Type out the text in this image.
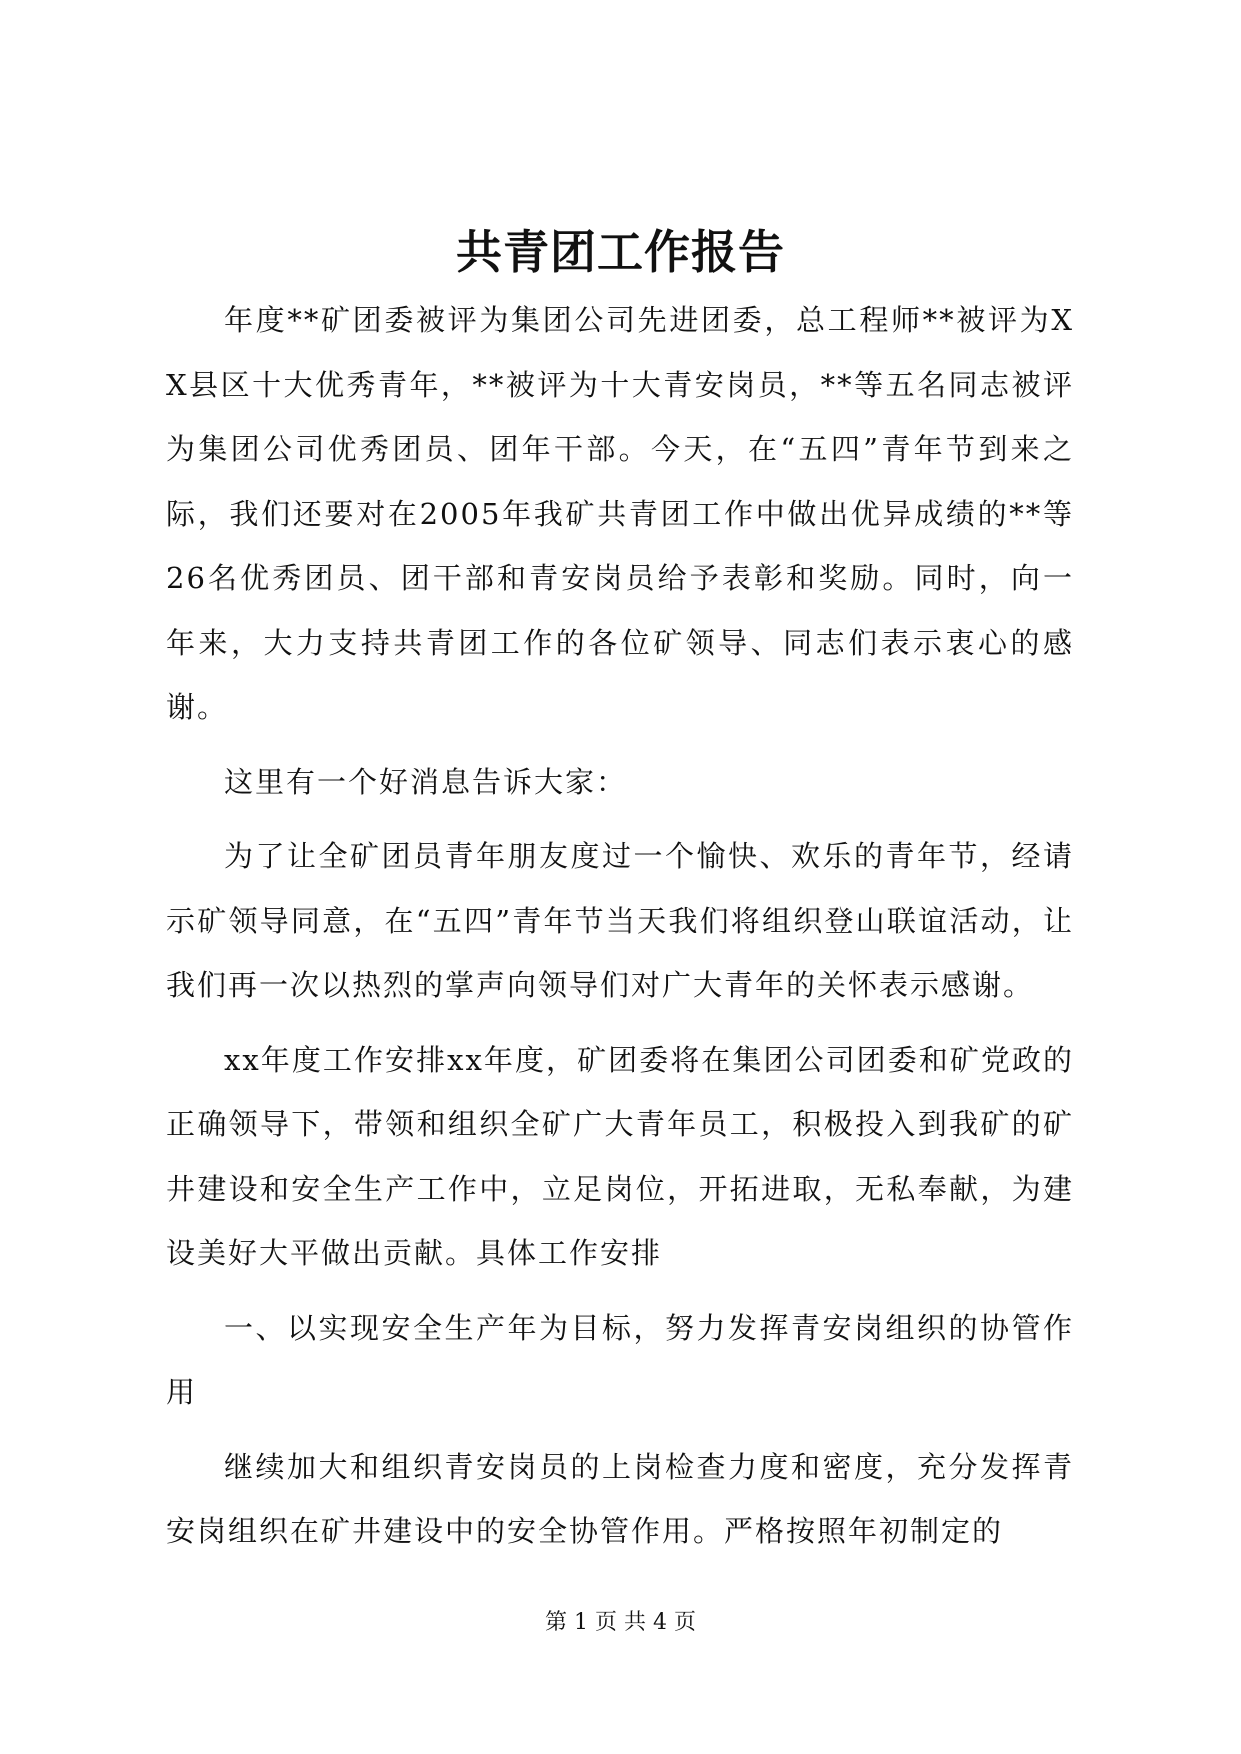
共青团工作报告

年度**矿团委被评为集团公司先进团委，总工程师**被评为XX县区十大优秀青年，**被评为十大青安岗员，**等五名同志被评为集团公司优秀团员、团年干部。今天，在“五四”青年节到来之际，我们还要对在2005年我矿共青团工作中做出优异成绩的**等26名优秀团员、团干部和青安岗员给予表彰和奖励。同时，向一年来，大力支持共青团工作的各位矿领导、同志们表示衷心的感谢。

这里有一个好消息告诉大家：

为了让全矿团员青年朋友度过一个愉快、欢乐的青年节，经请示矿领导同意，在“五四”青年节当天我们将组织登山联谊活动，让我们再一次以热烈的掌声向领导们对广大青年的关怀表示感谢。

xx年度工作安排xx年度，矿团委将在集团公司团委和矿党政的正确领导下，带领和组织全矿广大青年员工，积极投入到我矿的矿井建设和安全生产工作中，立足岗位，开拓进取，无私奉献，为建设美好大平做出贡献。具体工作安排

一、以实现安全生产年为目标，努力发挥青安岗组织的协管作用

继续加大和组织青安岗员的上岗检查力度和密度，充分发挥青安岗组织在矿井建设中的安全协管作用。严格按照年初制定的

第 1 页 共 4 页
